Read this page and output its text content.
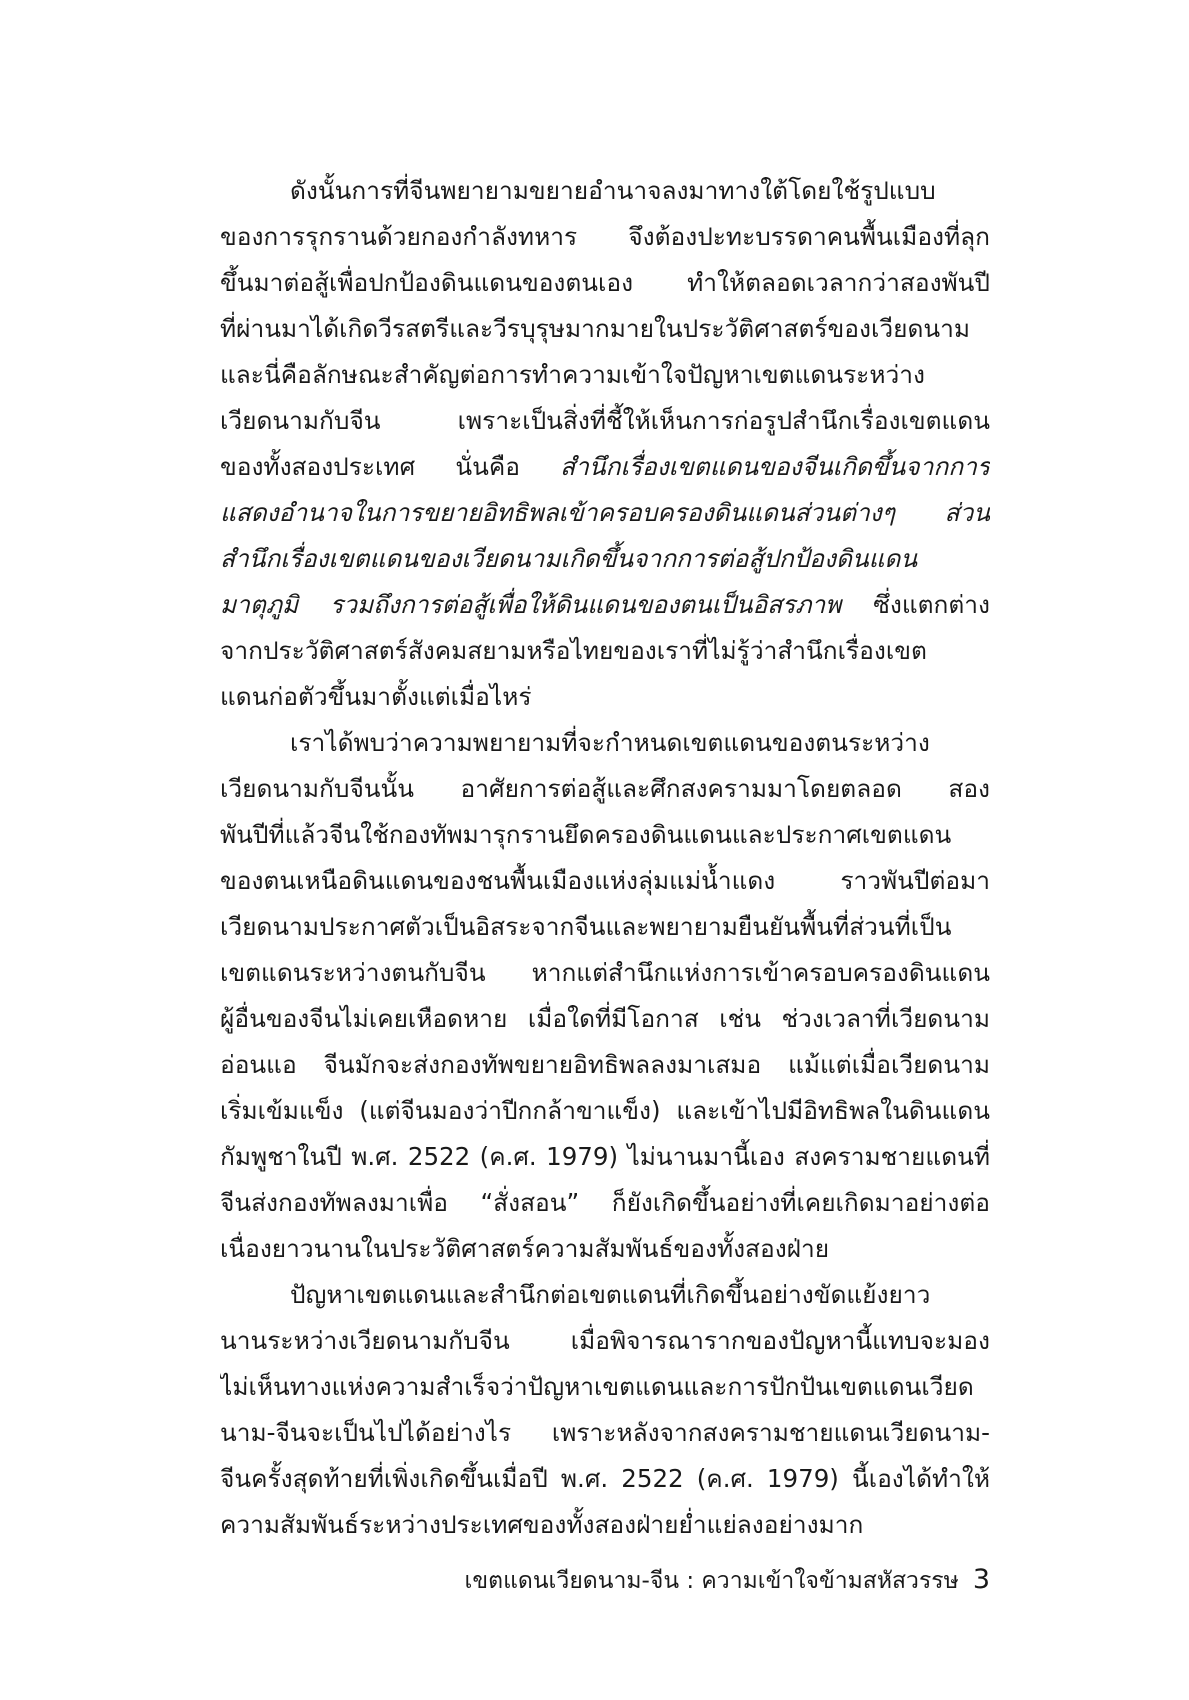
ดังนั้นการที่จีนพยายามขยายอำนาจลงมาทางใต้โดยใช้รูปแบบ
ของการรุกรานด้วยกองกำลังทหาร จึงต้องปะทะบรรดาคนพื้นเมืองที่ลุก
ขึ้นมาต่อสู้เพื่อปกป้องดินแดนของตนเอง ทำให้ตลอดเวลากว่าสองพันปี
ที่ผ่านมาได้เกิดวีรสตรีและวีรบุรุษมากมายในประวัติศาสตร์ของเวียดนาม
และนี่คือลักษณะสำคัญต่อการทำความเข้าใจปัญหาเขตแดนระหว่าง
เวียดนามกับจีน เพราะเป็นสิ่งที่ชี้ให้เห็นการก่อรูปสำนึกเรื่องเขตแดน
ของทั้งสองประเทศ นั่นคือ สำนึกเรื่องเขตแดนของจีนเกิดขึ้นจากการ
แสดงอำนาจในการขยายอิทธิพลเข้าครอบครองดินแดนส่วนต่างๆ ส่วน
สำนึกเรื่องเขตแดนของเวียดนามเกิดขึ้นจากการต่อสู้ปกป้องดินแดน
มาตุภูมิ รวมถึงการต่อสู้เพื่อให้ดินแดนของตนเป็นอิสรภาพ ซึ่งแตกต่าง
จากประวัติศาสตร์สังคมสยามหรือไทยของเราที่ไม่รู้ว่าสำนึกเรื่องเขต
แดนก่อตัวขึ้นมาตั้งแต่เมื่อไหร่
เราได้พบว่าความพยายามที่จะกำหนดเขตแดนของตนระหว่าง
เวียดนามกับจีนนั้น อาศัยการต่อสู้และศึกสงครามมาโดยตลอด สอง
พันปีที่แล้วจีนใช้กองทัพมารุกรานยึดครองดินแดนและประกาศเขตแดน
ของตนเหนือดินแดนของชนพื้นเมืองแห่งลุ่มแม่น้ำแดง ราวพันปีต่อมา
เวียดนามประกาศตัวเป็นอิสระจากจีนและพยายามยืนยันพื้นที่ส่วนที่เป็น
เขตแดนระหว่างตนกับจีน หากแต่สำนึกแห่งการเข้าครอบครองดินแดน
ผู้อื่นของจีนไม่เคยเหือดหาย เมื่อใดที่มีโอกาส เช่น ช่วงเวลาที่เวียดนาม
อ่อนแอ จีนมักจะส่งกองทัพขยายอิทธิพลลงมาเสมอ แม้แต่เมื่อเวียดนาม
เริ่มเข้มแข็ง (แต่จีนมองว่าปีกกล้าขาแข็ง) และเข้าไปมีอิทธิพลในดินแดน
กัมพูชาในปี พ.ศ. 2522 (ค.ศ. 1979) ไม่นานมานี้เอง สงครามชายแดนที่
จีนส่งกองทัพลงมาเพื่อ “สั่งสอน” ก็ยังเกิดขึ้นอย่างที่เคยเกิดมาอย่างต่อ
เนื่องยาวนานในประวัติศาสตร์ความสัมพันธ์ของทั้งสองฝ่าย
ปัญหาเขตแดนและสำนึกต่อเขตแดนที่เกิดขึ้นอย่างขัดแย้งยาว
นานระหว่างเวียดนามกับจีน เมื่อพิจารณารากของปัญหานี้แทบจะมอง
ไม่เห็นทางแห่งความสำเร็จว่าปัญหาเขตแดนและการปักปันเขตแดนเวียด
นาม-จีนจะเป็นไปได้อย่างไร เพราะหลังจากสงครามชายแดนเวียดนาม-
จีนครั้งสุดท้ายที่เพิ่งเกิดขึ้นเมื่อปี พ.ศ. 2522 (ค.ศ. 1979) นี้เองได้ทำให้
ความสัมพันธ์ระหว่างประเทศของทั้งสองฝ่ายย่ำแย่ลงอย่างมาก
เขตแดนเวียดนาม-จีน : ความเข้าใจข้ามสหัสวรรษ 3
